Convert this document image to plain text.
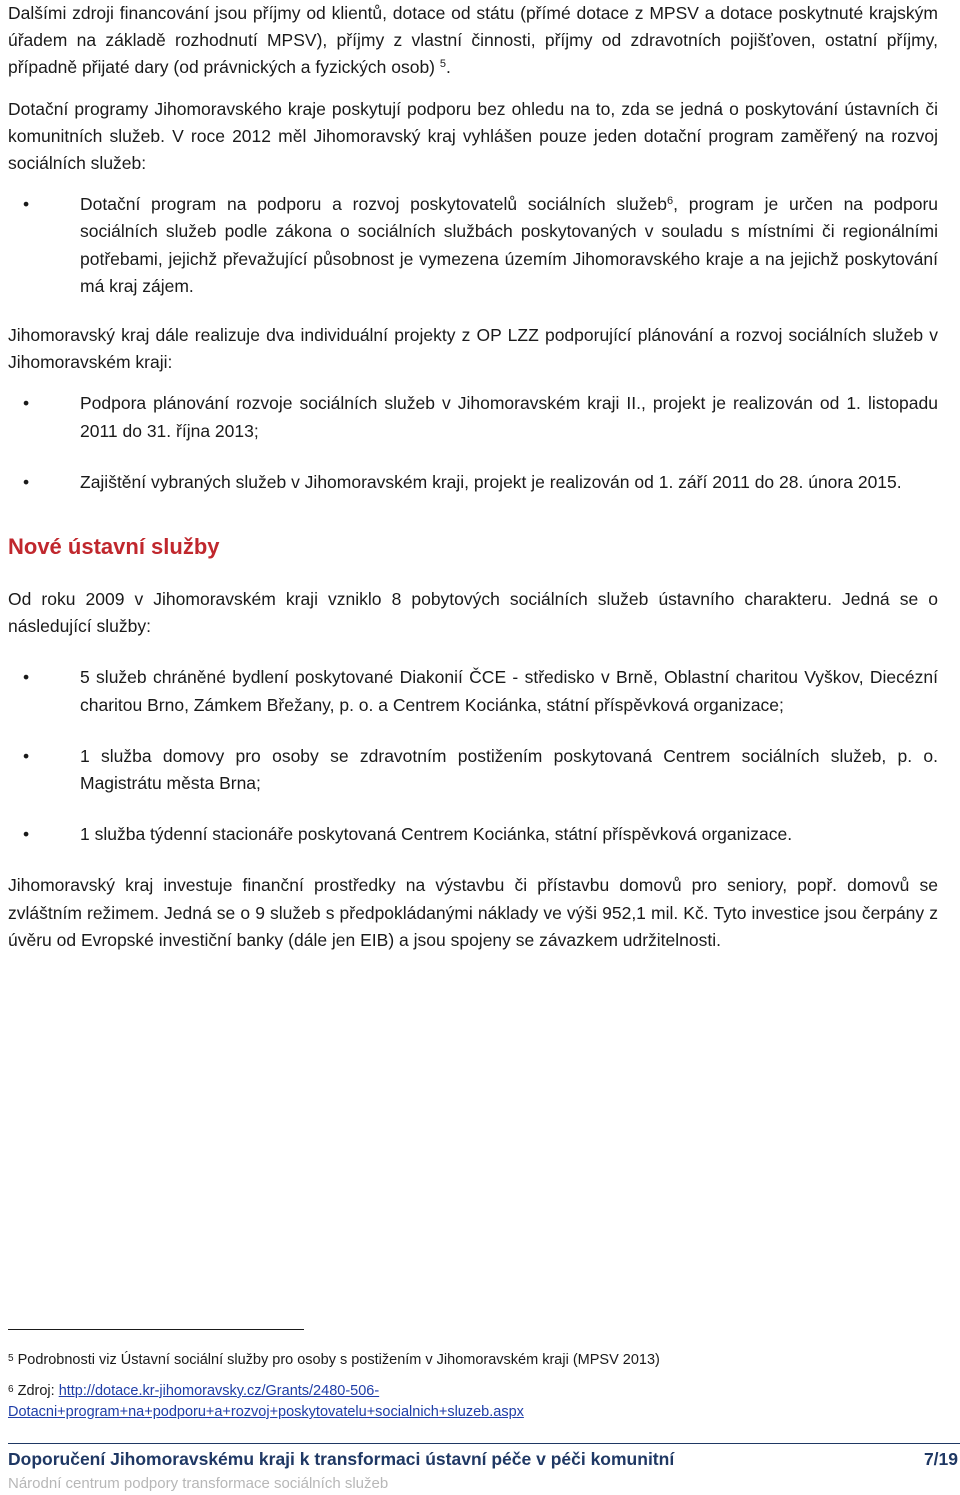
Dalšími zdroji financování jsou příjmy od klientů, dotace od státu (přímé dotace z MPSV a dotace poskytnuté krajským úřadem na základě rozhodnutí MPSV), příjmy z vlastní činnosti, příjmy od zdravotních pojišťoven, ostatní příjmy, případně přijaté dary (od právnických a fyzických osob) $^5$.

Dotační programy Jihomoravského kraje poskytují podporu bez ohledu na to, zda se jedná o poskytování ústavních či komunitních služeb. V roce 2012 měl Jihomoravský kraj vyhlášen pouze jeden dotační program zaměřený na rozvoj sociálních služeb:

•	Dotační program na podporu a rozvoj poskytovatelů sociálních služeb$^6$, program je určen na podporu sociálních služeb podle zákona o sociálních službách poskytovaných v souladu s místními či regionálními potřebami, jejichž převažující působnost je vymezena územím Jihomoravského kraje a na jejichž poskytování má kraj zájem.

Jihomoravský kraj dále realizuje dva individuální projekty z OP LZZ podporující plánování a rozvoj sociálních služeb v Jihomoravském kraji:

•	Podpora plánování rozvoje sociálních služeb v Jihomoravském kraji II., projekt je realizován od 1. listopadu 2011 do 31. října 2013;
•	Zajištění vybraných služeb v Jihomoravském kraji, projekt je realizován od 1. září 2011 do 28. února 2015.
Nové ústavní služby

Od roku 2009 v Jihomoravském kraji vzniklo 8 pobytových sociálních služeb ústavního charakteru. Jedná se o následující služby:

•	5 služeb chráněné bydlení poskytované Diakonií ČCE - středisko v Brně, Oblastní charitou Vyškov, Diecézní charitou Brno, Zámkem Břežany, p. o. a Centrem Kociánka, státní příspěvková organizace;
•	1 služba domovy pro osoby se zdravotním postižením poskytovaná Centrem sociálních služeb, p. o. Magistrátu města Brna;
•	1 služba týdenní stacionáře poskytovaná Centrem Kociánka, státní příspěvková organizace.

Jihomoravský kraj investuje finanční prostředky na výstavbu či přístavbu domovů pro seniory, popř. domovů se zvláštním režimem. Jedná se o 9 služeb s předpokládanými náklady ve výši 952,1 mil. Kč. Tyto investice jsou čerpány z úvěru od Evropské investiční banky (dále jen EIB) a jsou spojeny se závazkem udržitelnosti.

$^5$ Podrobnosti viz Ústavní sociální služby pro osoby s postižením v Jihomoravském kraji (MPSV 2013)
$^6$ Zdroj: http://dotace.kr-jihomoravsky.cz/Grants/2480-506-
Dotacni+program+na+podporu+a+rozvoj+poskytovatelu+socialnich+sluzeb.aspx
Doporučení Jihomoravskému kraji k transformaci ústavní péče v péči komunitní	7/19
Národní centrum podpory transformace sociálních služeb
